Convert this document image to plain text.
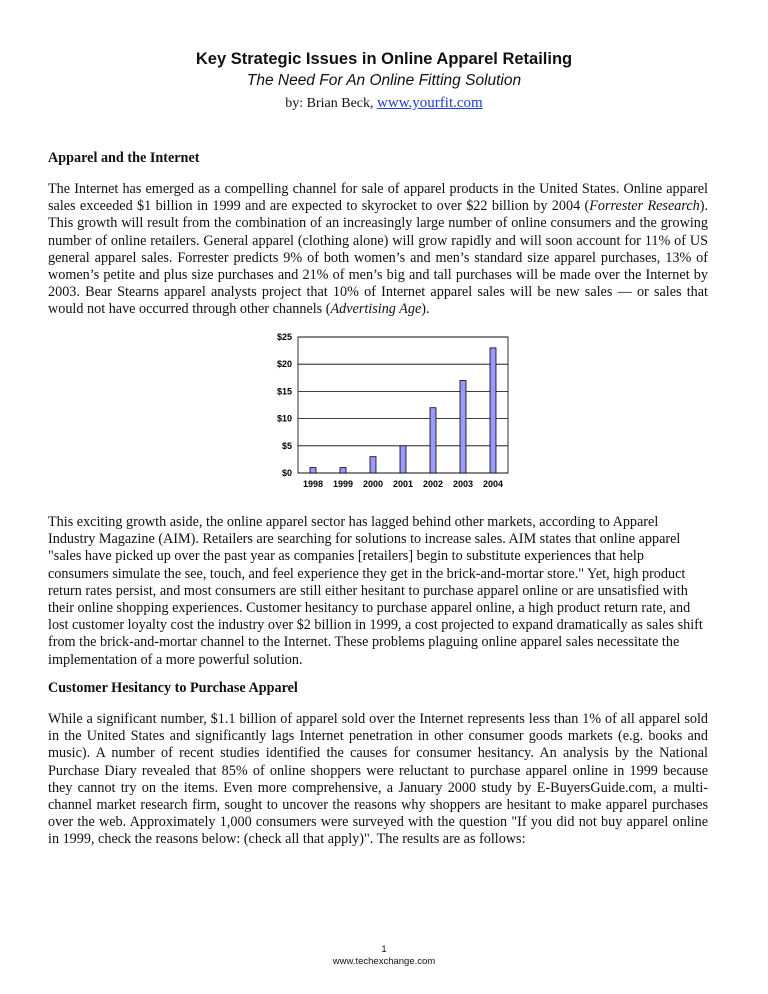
Key Strategic Issues in Online Apparel Retailing
The Need For An Online Fitting Solution
by: Brian Beck, www.yourfit.com
Apparel and the Internet
The Internet has emerged as a compelling channel for sale of apparel products in the United States. Online apparel sales exceeded $1 billion in 1999 and are expected to skyrocket to over $22 billion by 2004 (Forrester Research). This growth will result from the combination of an increasingly large number of online consumers and the growing number of online retailers. General apparel (clothing alone) will grow rapidly and will soon account for 11% of US general apparel sales. Forrester predicts 9% of both women’s and men’s standard size apparel purchases, 13% of women’s petite and plus size purchases and 21% of men’s big and tall purchases will be made over the Internet by 2003. Bear Stearns apparel analysts project that 10% of Internet apparel sales will be new sales — or sales that would not have occurred through other channels (Advertising Age).
$0
$5
$10
$15
$20
$25
1998 1999 2000 2001 2002 2003 2004
This exciting growth aside, the online apparel sector has lagged behind other markets, according to Apparel Industry Magazine (AIM). Retailers are searching for solutions to increase sales. AIM states that online apparel "sales have picked up over the past year as companies [retailers] begin to substitute experiences that help consumers simulate the see, touch, and feel experience they get in the brick-and-mortar store." Yet, high product return rates persist, and most consumers are still either hesitant to purchase apparel online or are unsatisfied with their online shopping experiences. Customer hesitancy to purchase apparel online, a high product return rate, and lost customer loyalty cost the industry over $2 billion in 1999, a cost projected to expand dramatically as sales shift from the brick-and-mortar channel to the Internet. These problems plaguing online apparel sales necessitate the implementation of a more powerful solution.
Customer Hesitancy to Purchase Apparel
While a significant number, $1.1 billion of apparel sold over the Internet represents less than 1% of all apparel sold in the United States and significantly lags Internet penetration in other consumer goods markets (e.g. books and music). A number of recent studies identified the causes for consumer hesitancy. An analysis by the National Purchase Diary revealed that 85% of online shoppers were reluctant to purchase apparel online in 1999 because they cannot try on the items. Even more comprehensive, a January 2000 study by E-BuyersGuide.com, a multi-channel market research firm, sought to uncover the reasons why shoppers are hesitant to make apparel purchases over the web. Approximately 1,000 consumers were surveyed with the question "If you did not buy apparel online in 1999, check the reasons below: (check all that apply)". The results are as follows:
1
www.techexchange.com
